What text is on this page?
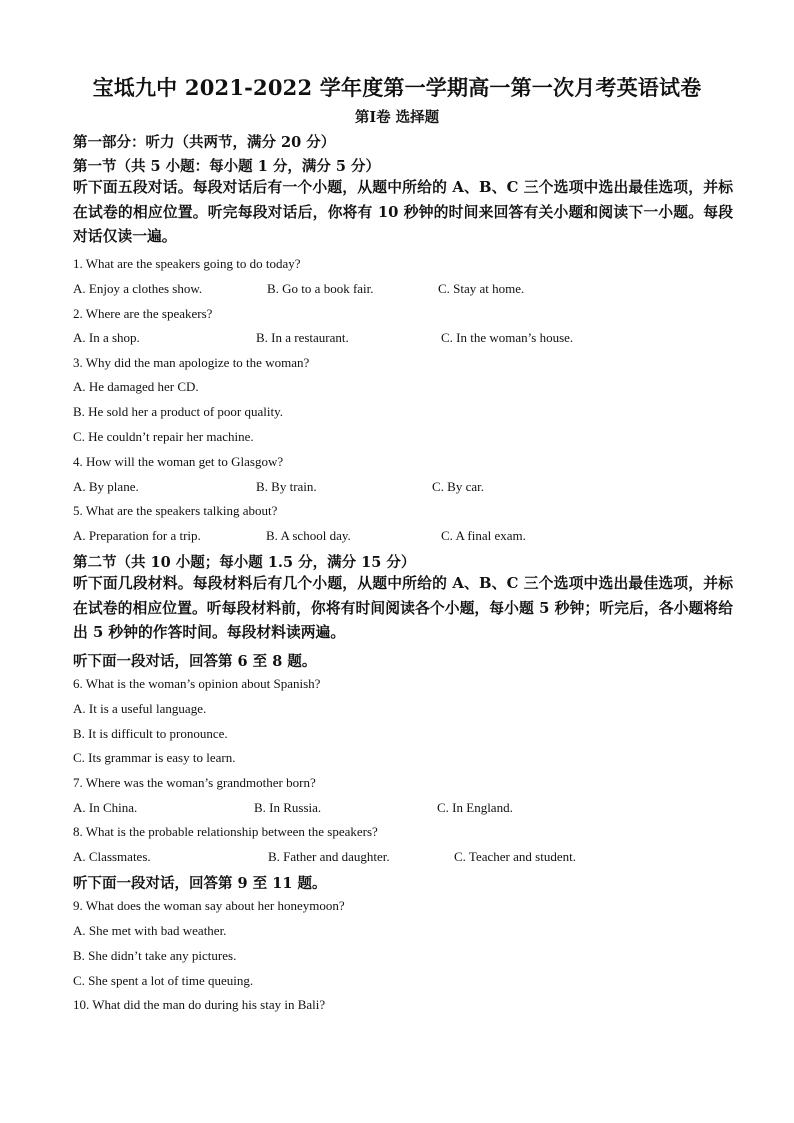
宝坻九中 2021-2022 学年度第一学期高一第一次月考英语试卷
第Ⅰ卷 选择题
第一部分：听力（共两节，满分 20 分）
第一节（共 5 小题：每小题 1 分，满分 5 分）
听下面五段对话。每段对话后有一个小题，从题中所给的 A、B、C 三个选项中选出最佳选项，并标在试卷的相应位置。听完每段对话后，你将有 10 秒钟的时间来回答有关小题和阅读下一小题。每段对话仅读一遍。
1. What are the speakers going to do today?
A. Enjoy a clothes show.	B. Go to a book fair.	C. Stay at home.
2. Where are the speakers?
A. In a shop.	B. In a restaurant.	C. In the woman’s house.
3. Why did the man apologize to the woman?
A. He damaged her CD.
B. He sold her a product of poor quality.
C. He couldn’t repair her machine.
4. How will the woman get to Glasgow?
A. By plane.	B. By train.	C. By car.
5. What are the speakers talking about?
A. Preparation for a trip.	B. A school day.	C. A final exam.
第二节（共 10 小题；每小题 1.5 分，满分 15 分）
听下面几段材料。每段材料后有几个小题，从题中所给的 A、B、C 三个选项中选出最佳选项，并标在试卷的相应位置。听每段材料前，你将有时间阅读各个小题，每小题 5 秒钟；听完后，各小题将给出 5 秒钟的作答时间。每段材料读两遍。
听下面一段对话，回答第 6 至 8 题。
6. What is the woman’s opinion about Spanish?
A. It is a useful language.
B. It is difficult to pronounce.
C. Its grammar is easy to learn.
7. Where was the woman’s grandmother born?
A. In China.	B. In Russia.	C. In England.
8. What is the probable relationship between the speakers?
A. Classmates.	B. Father and daughter.	C. Teacher and student.
听下面一段对话，回答第 9 至 11 题。
9. What does the woman say about her honeymoon?
A. She met with bad weather.
B. She didn’t take any pictures.
C. She spent a lot of time queuing.
10. What did the man do during his stay in Bali?
